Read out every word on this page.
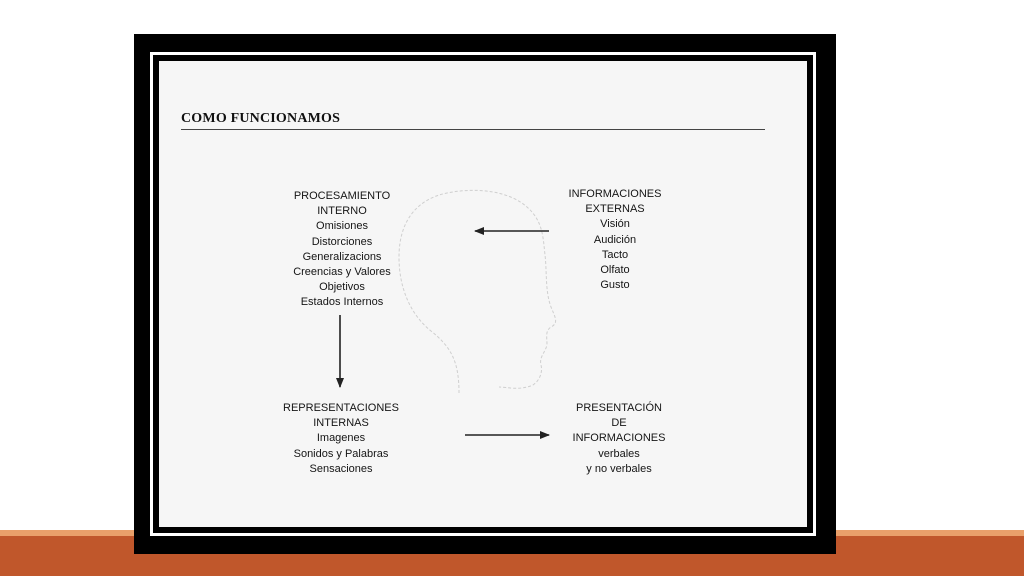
COMO FUNCIONAMOS
PROCESAMIENTO
INTERNO
Omisiones
Distorciones
Generalizacions
Creencias y Valores
Objetivos
Estados Internos
INFORMACIONES
EXTERNAS
Visión
Audición
Tacto
Olfato
Gusto
REPRESENTACIONES
INTERNAS
Imagenes
Sonidos y Palabras
Sensaciones
PRESENTACIÓN
DE
INFORMACIONES
verbales
y no verbales
